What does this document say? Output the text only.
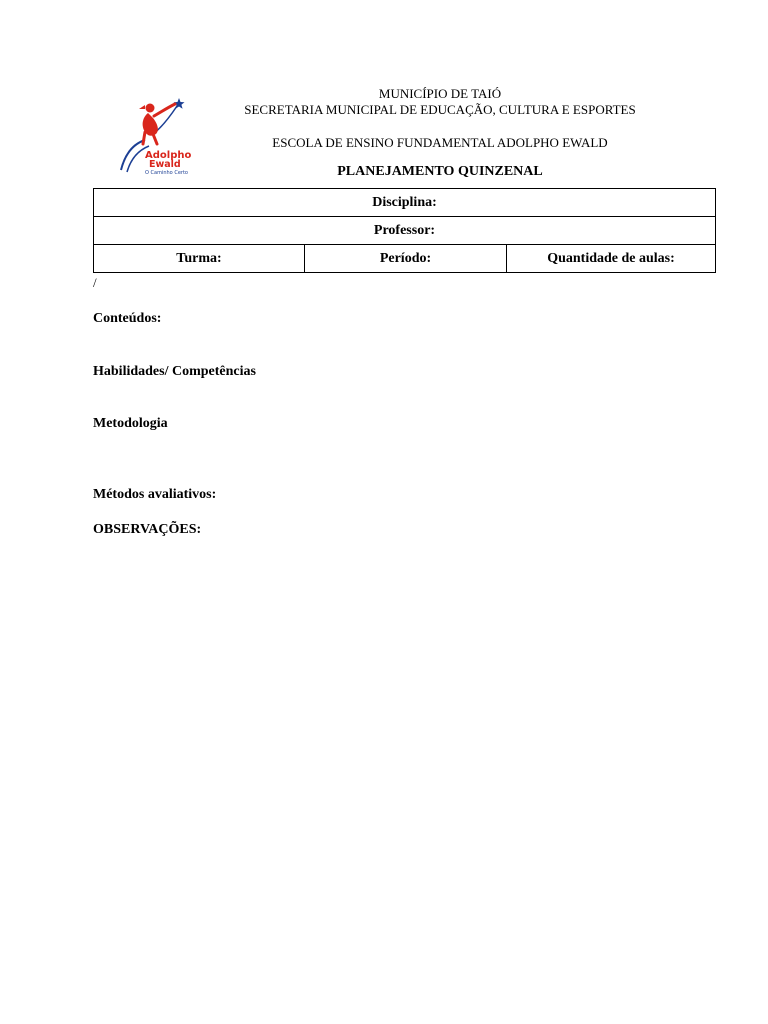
Adolpho
Ewald
O Caminho Certo
MUNICÍPIO DE TAIÓ
SECRETARIA MUNICIPAL DE EDUCAÇÃO, CULTURA E ESPORTES
ESCOLA DE ENSINO FUNDAMENTAL ADOLPHO EWALD
PLANEJAMENTO QUINZENAL
Disciplina:
Professor:
Turma:	Período:	Quantidade de aulas:
/
Conteúdos:
Habilidades/ Competências
Metodologia
Métodos avaliativos:
OBSERVAÇÕES:
